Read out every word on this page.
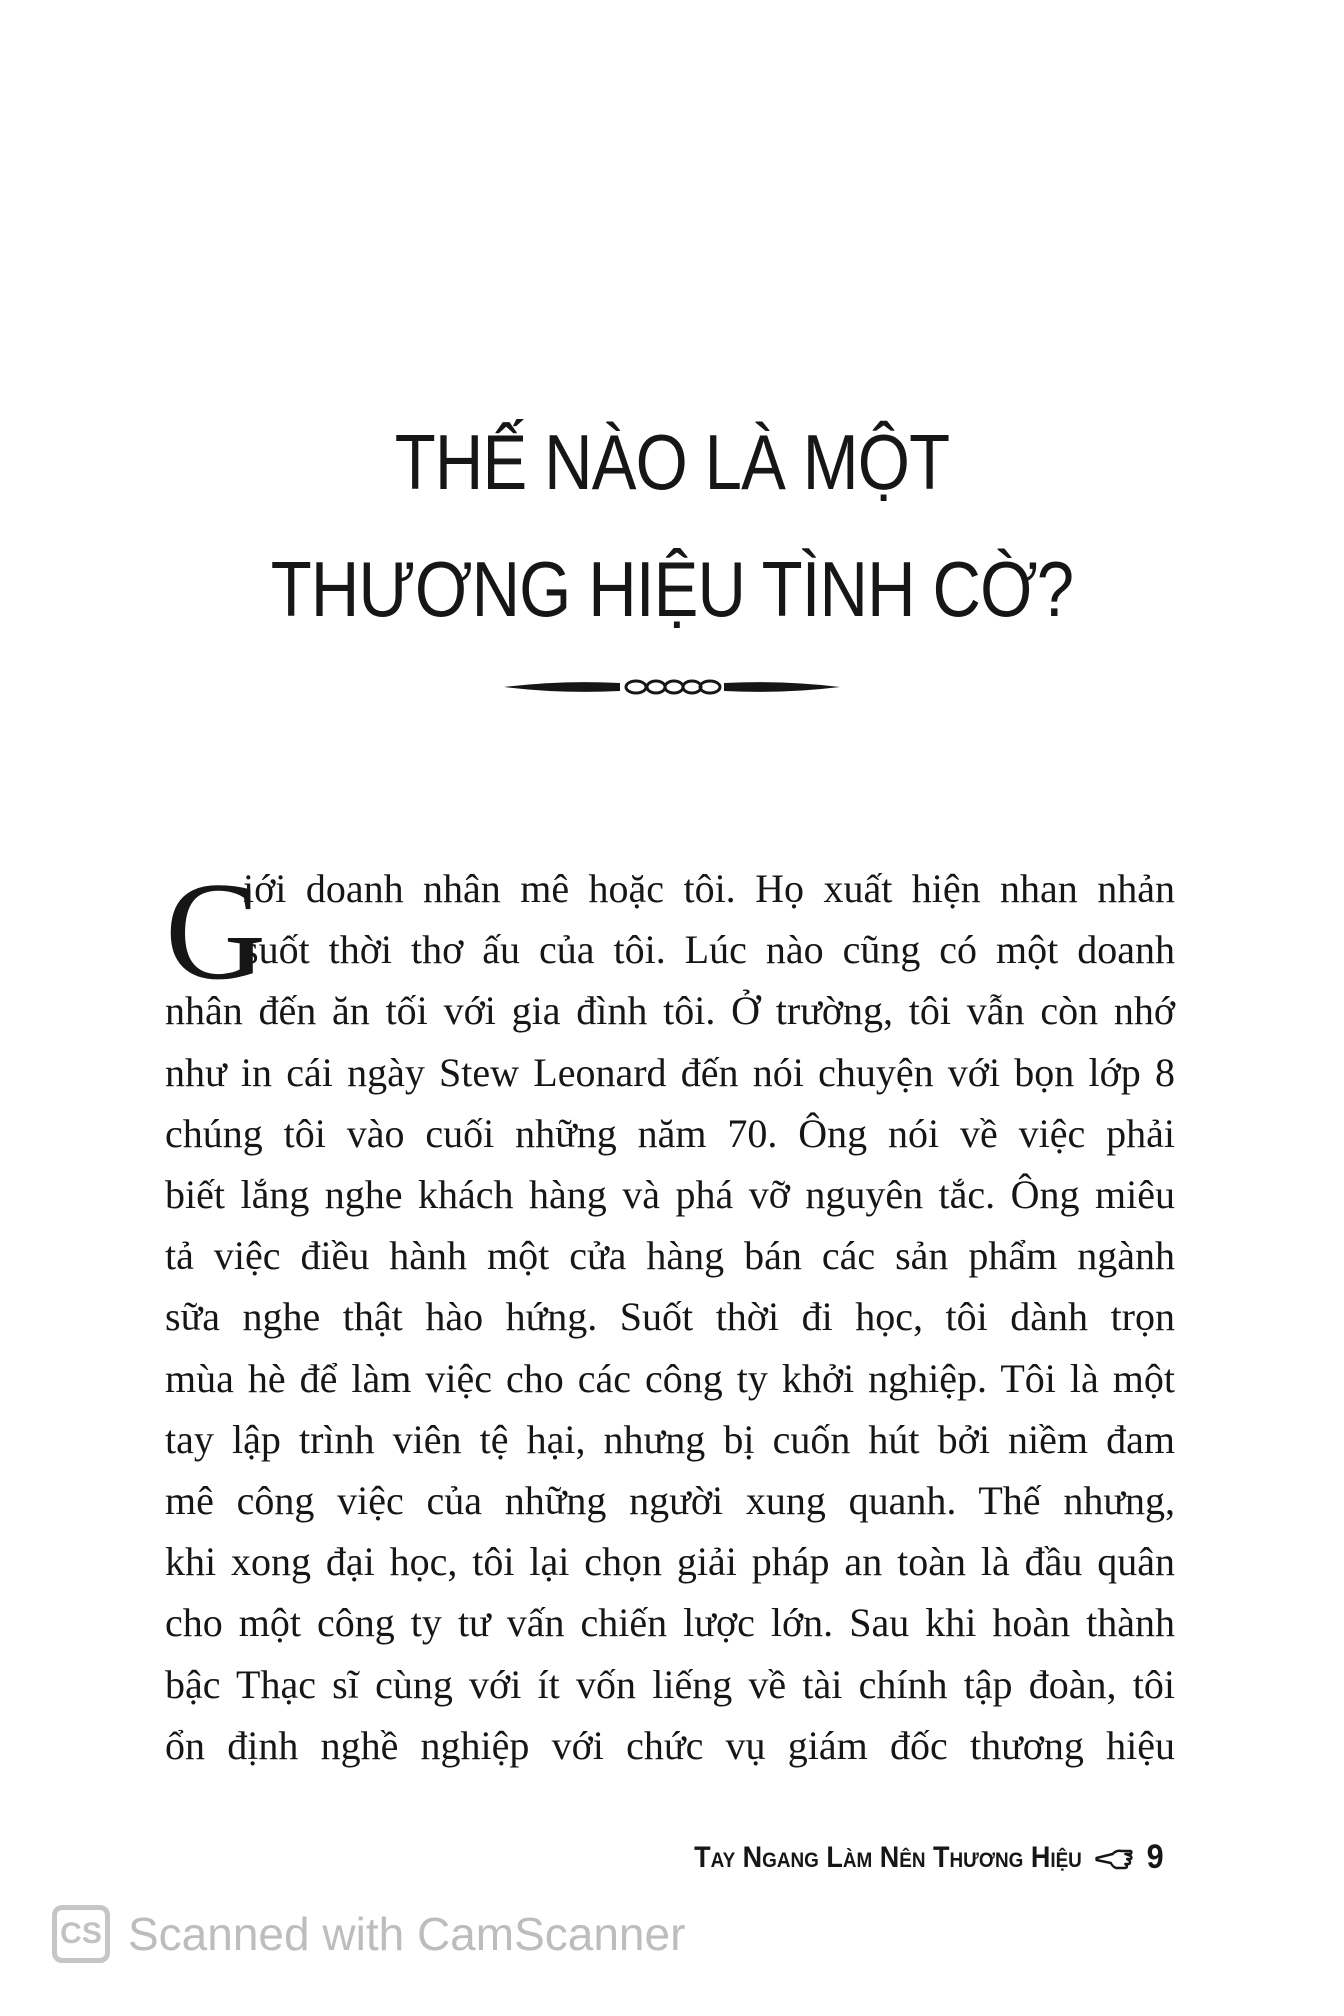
THẾ NÀO LÀ MỘT
THƯƠNG HIỆU TÌNH CỜ?
G
iới doanh nhân mê hoặc tôi. Họ xuất hiện nhan nhản
suốt thời thơ ấu của tôi. Lúc nào cũng có một doanh
nhân đến ăn tối với gia đình tôi. Ở trường, tôi vẫn còn nhớ
như in cái ngày Stew Leonard đến nói chuyện với bọn lớp 8
chúng tôi vào cuối những năm 70. Ông nói về việc phải
biết lắng nghe khách hàng và phá vỡ nguyên tắc. Ông miêu
tả việc điều hành một cửa hàng bán các sản phẩm ngành
sữa nghe thật hào hứng. Suốt thời đi học, tôi dành trọn
mùa hè để làm việc cho các công ty khởi nghiệp. Tôi là một
tay lập trình viên tệ hại, nhưng bị cuốn hút bởi niềm đam
mê công việc của những người xung quanh. Thế nhưng,
khi xong đại học, tôi lại chọn giải pháp an toàn là đầu quân
cho một công ty tư vấn chiến lược lớn. Sau khi hoàn thành
bậc Thạc sĩ cùng với ít vốn liếng về tài chính tập đoàn, tôi
ổn định nghề nghiệp với chức vụ giám đốc thương hiệu
Tay Ngang Làm Nên Thương Hiệu 9
CS Scanned with CamScanner
